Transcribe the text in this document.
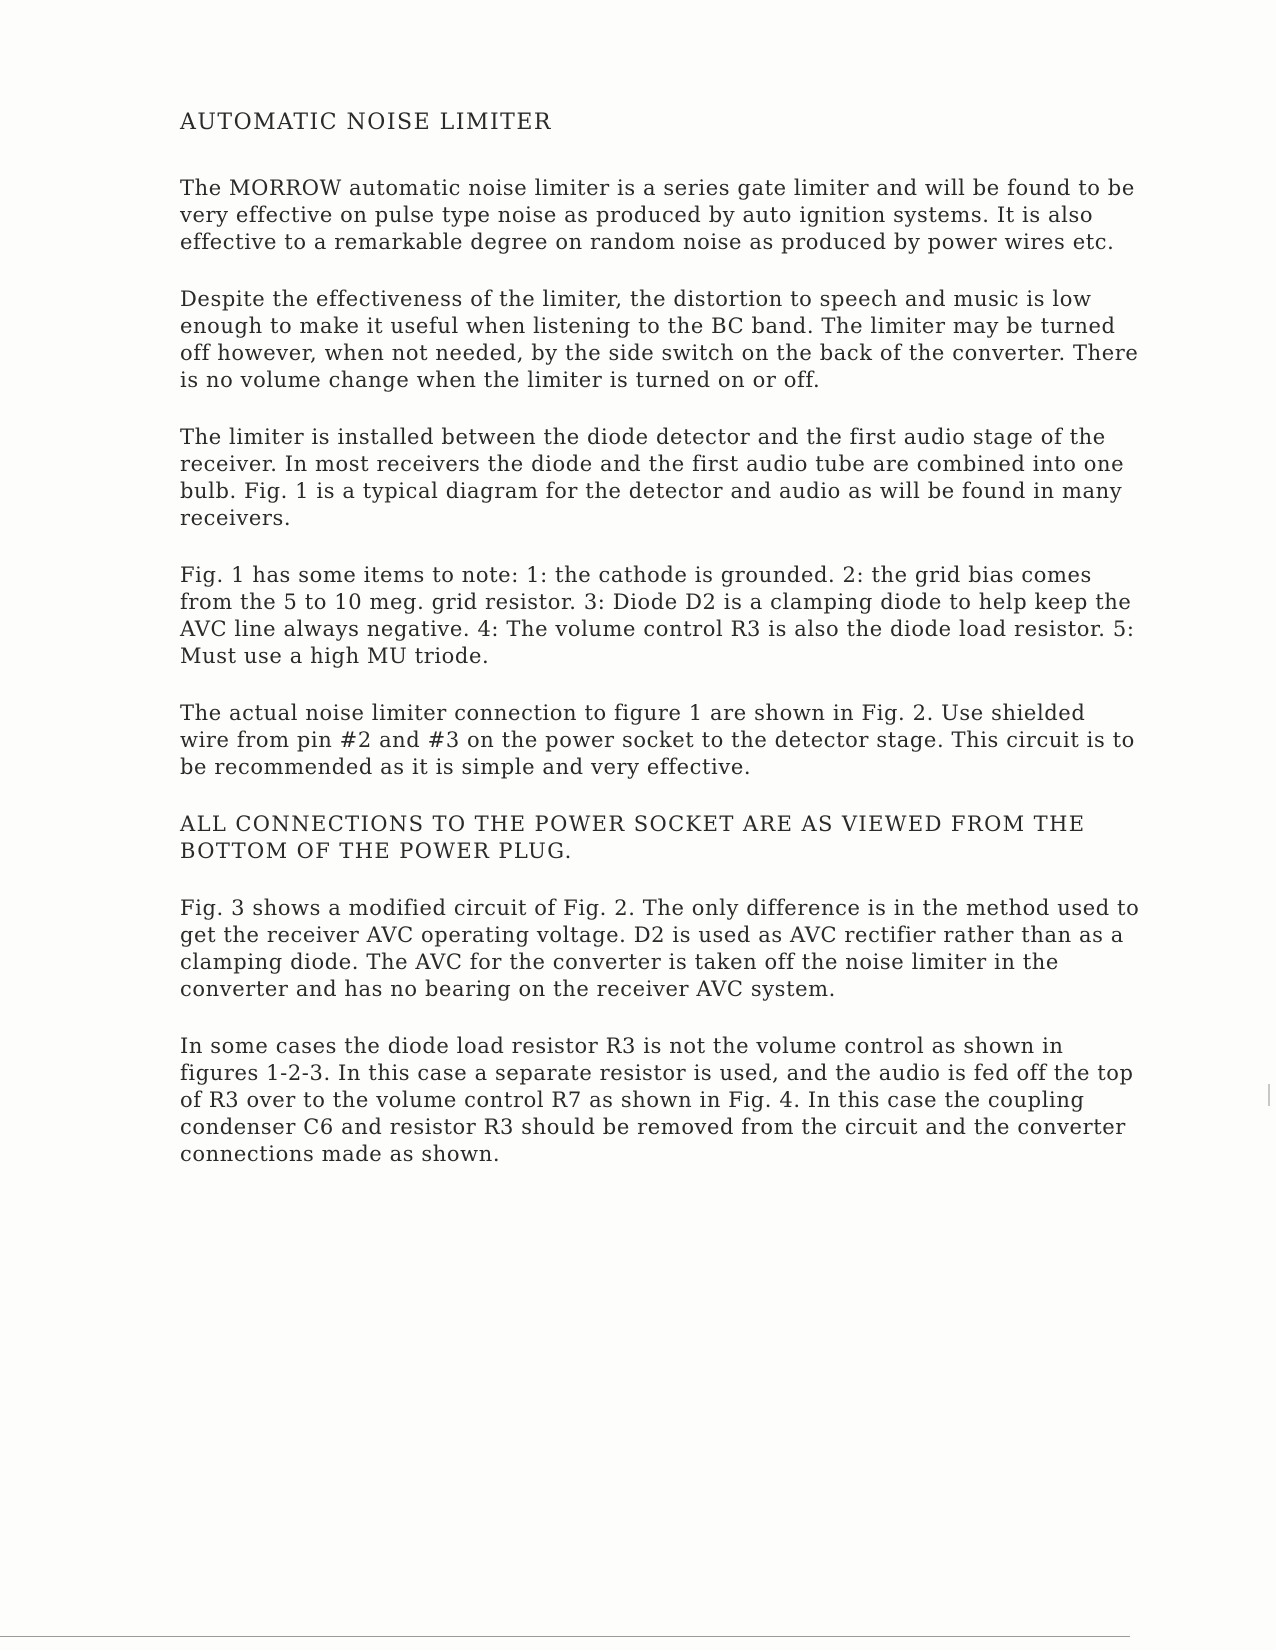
AUTOMATIC NOISE LIMITER

The MORROW automatic noise limiter is a series gate limiter and will be found to be very effective on pulse type noise as produced by auto ignition systems. It is also effective to a remarkable degree on random noise as produced by power wires etc.

Despite the effectiveness of the limiter, the distortion to speech and music is low enough to make it useful when listening to the BC band. The limiter may be turned off however, when not needed, by the side switch on the back of the converter. There is no volume change when the limiter is turned on or off.

The limiter is installed between the diode detector and the first audio stage of the receiver. In most receivers the diode and the first audio tube are combined into one bulb. Fig. 1 is a typical diagram for the detector and audio as will be found in many receivers.

Fig. 1 has some items to note: 1: the cathode is grounded. 2: the grid bias comes from the 5 to 10 meg. grid resistor. 3: Diode D2 is a clamping diode to help keep the AVC line always negative. 4: The volume control R3 is also the diode load resistor. 5: Must use a high MU triode.

The actual noise limiter connection to figure 1 are shown in Fig. 2. Use shielded wire from pin #2 and #3 on the power socket to the detector stage. This circuit is to be recommended as it is simple and very effective.

ALL CONNECTIONS TO THE POWER SOCKET ARE AS VIEWED FROM THE BOTTOM OF THE POWER PLUG.

Fig. 3 shows a modified circuit of Fig. 2. The only difference is in the method used to get the receiver AVC operating voltage. D2 is used as AVC rectifier rather than as a clamping diode. The AVC for the converter is taken off the noise limiter in the converter and has no bearing on the receiver AVC system.

In some cases the diode load resistor R3 is not the volume control as shown in figures 1-2-3. In this case a separate resistor is used, and the audio is fed off the top of R3 over to the volume control R7 as shown in Fig. 4. In this case the coupling condenser C6 and resistor R3 should be removed from the circuit and the converter connections made as shown.
